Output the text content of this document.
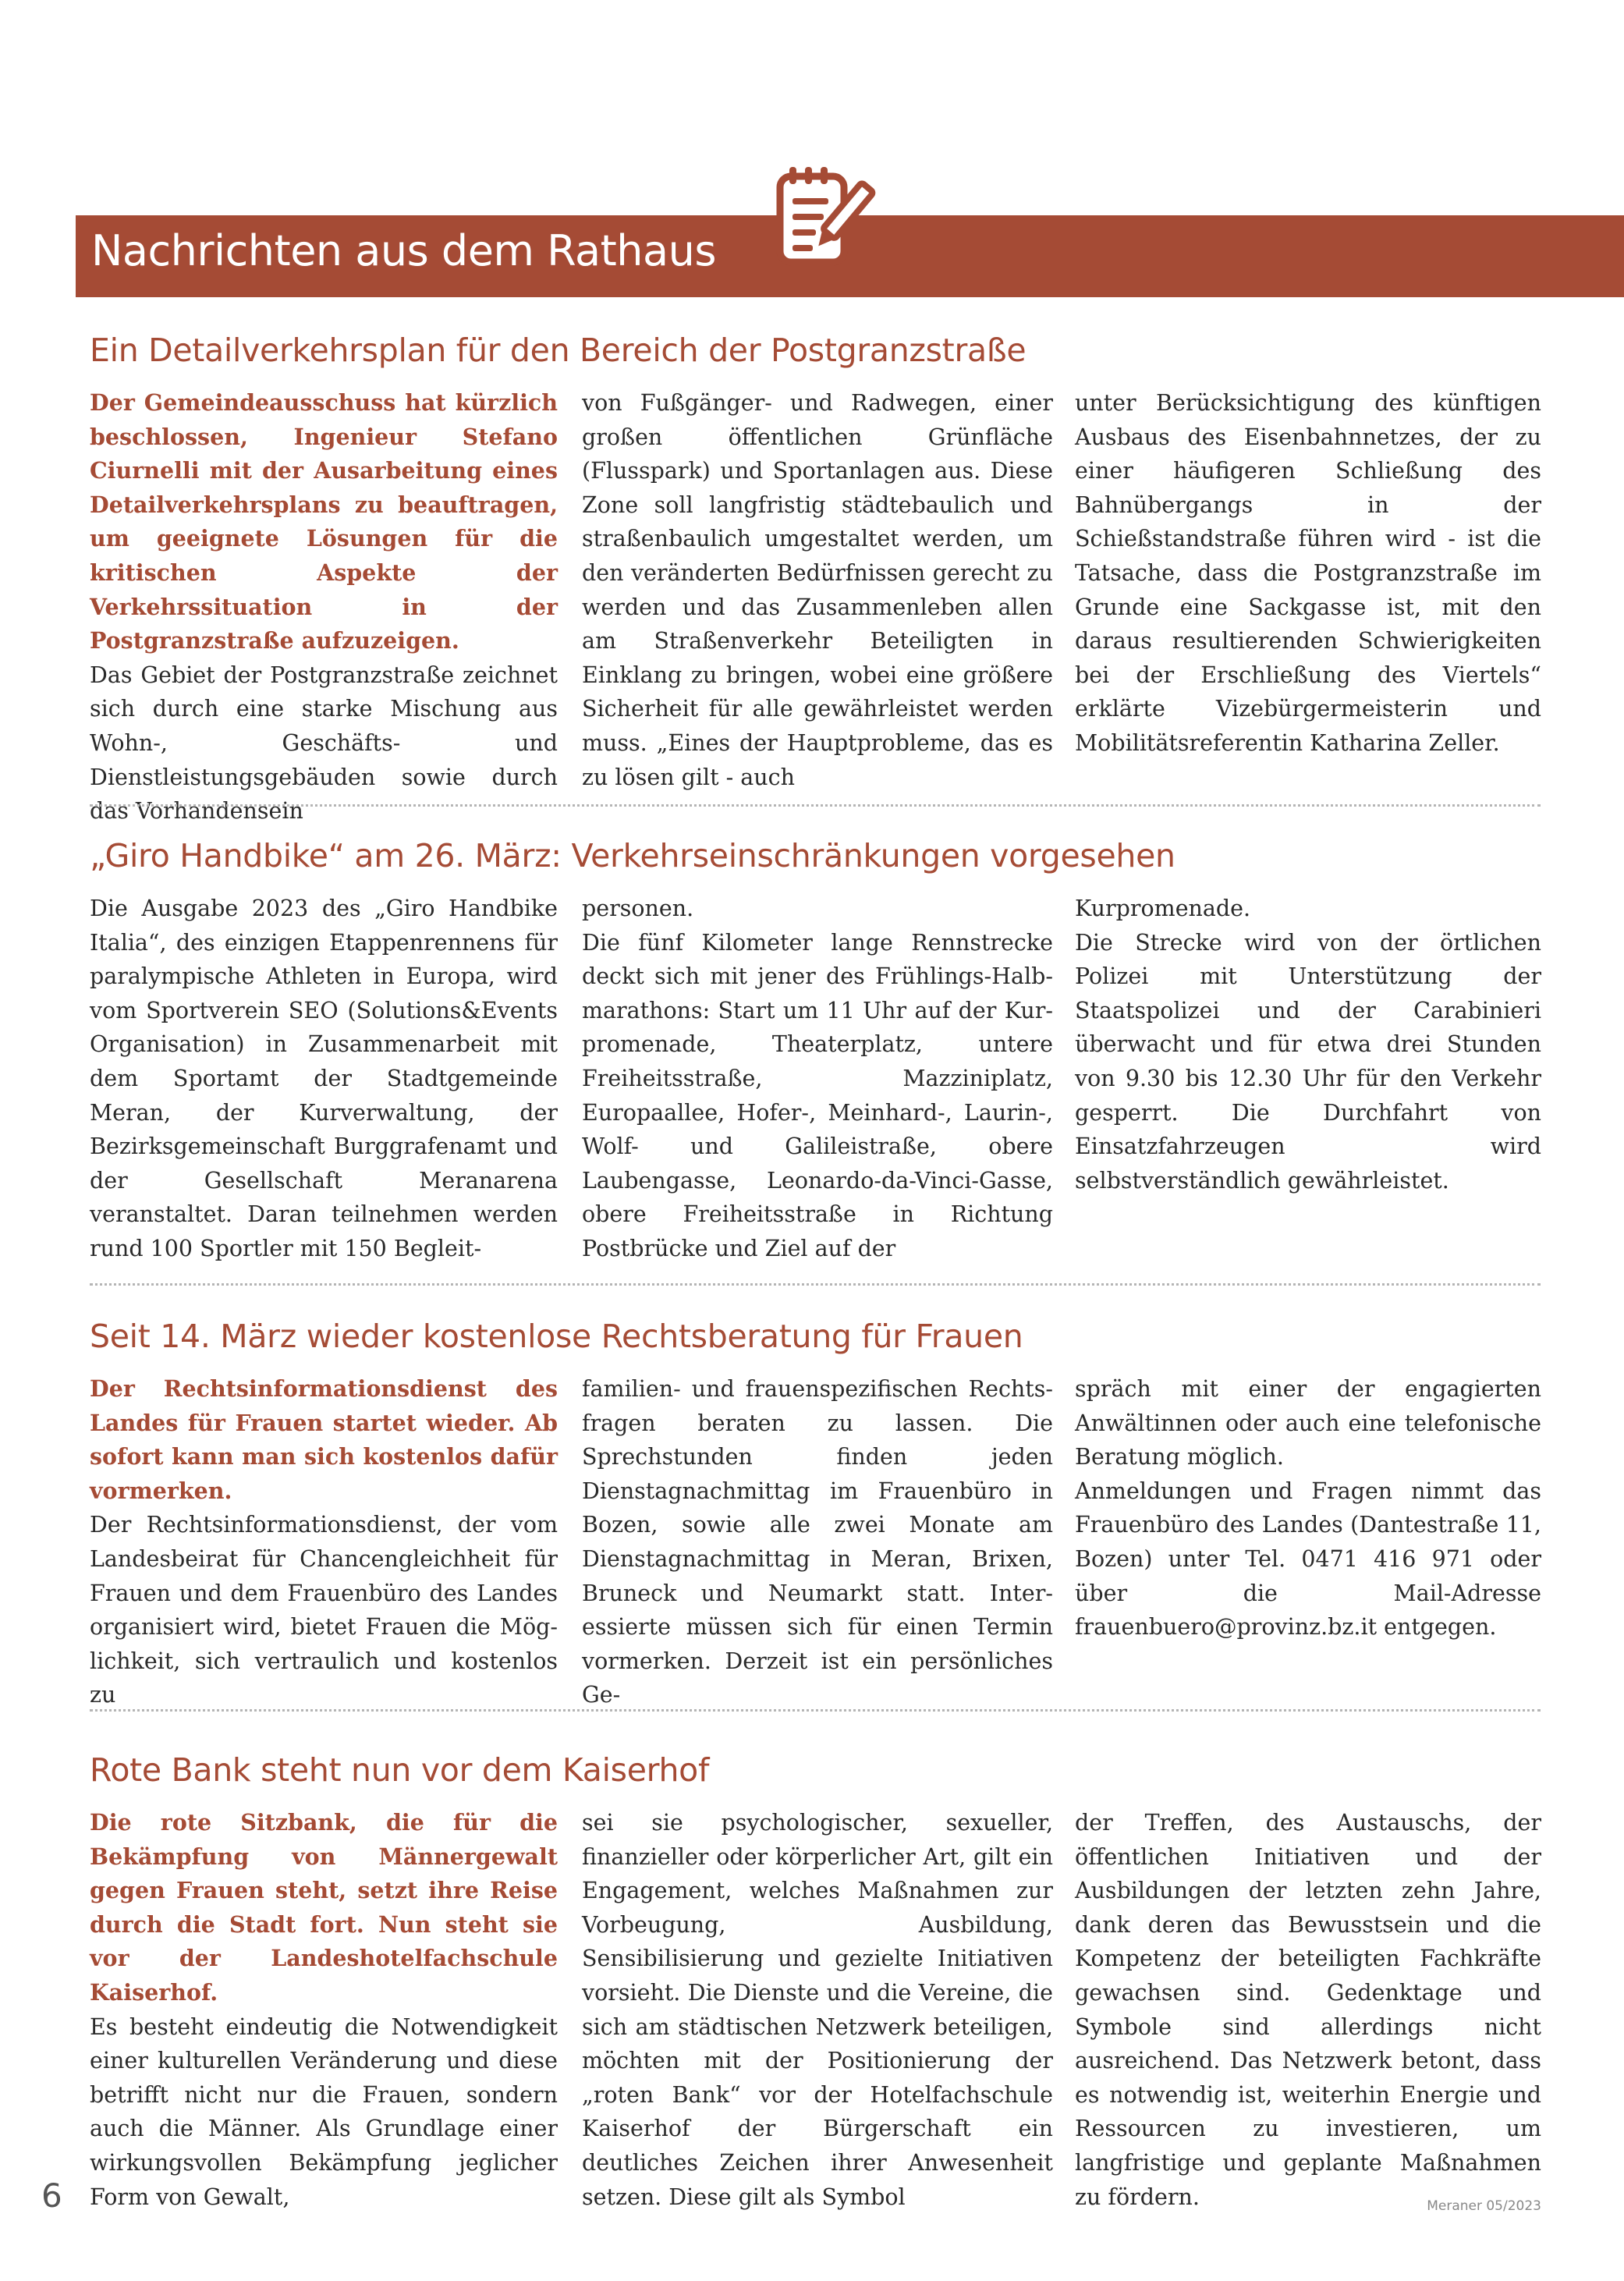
Nachrichten aus dem Rathaus
Ein Detailverkehrsplan für den Bereich der Postgranzstraße

Der Gemeindeausschuss hat kürzlich beschlossen, Ingenieur Stefano Ciurnelli mit der Ausarbeitung eines Detailverkehrsplans zu beauftragen, um geeignete Lösungen für die kritischen Aspekte der Verkehrssituation in der Postgranzstraße aufzuzeigen.

Das Gebiet der Postgranzstraße zeichnet sich durch eine starke Mischung aus Wohn-, Geschäfts- und Dienstleistungsgebäuden sowie durch das Vorhandensein

von Fußgänger- und Radwegen, einer großen öffentlichen Grünfläche (Flusspark) und Sportanlagen aus. Diese Zone soll langfristig städtebaulich und straßenbaulich umgestaltet werden, um den veränderten Bedürfnissen gerecht zu werden und das Zusammenleben allen am Straßenverkehr Beteiligten in Einklang zu bringen, wobei eine größere Sicherheit für alle gewährleistet werden muss. „Eines der Hauptprobleme, das es zu lösen gilt - auch

unter Berücksichtigung des künftigen Ausbaus des Eisenbahnnetzes, der zu einer häufigeren Schließung des Bahnübergangs in der Schießstandstraße führen wird - ist die Tatsache, dass die Postgranzstraße im Grunde eine Sackgasse ist, mit den daraus resultierenden Schwierigkeiten bei der Erschließung des Viertels“ erklärte Vizebürgermeisterin und Mobilitätsreferentin Katharina Zeller.

„Giro Handbike“ am 26. März: Verkehrseinschränkungen vorgesehen

Die Ausgabe 2023 des „Giro Handbike Italia“, des einzigen Etappenrennens für paralympische Athleten in Europa, wird vom Sportverein SEO (Solutions&Events Organisation) in Zusammenarbeit mit dem Sportamt der Stadtgemeinde Meran, der Kurverwaltung, der Bezirksgemeinschaft Burggrafenamt und der Gesellschaft Meranarena veranstaltet. Daran teilnehmen werden rund 100 Sportler mit 150 Begleit-

personen.

Die fünf Kilometer lange Rennstrecke deckt sich mit jener des Frühlings-Halbmarathons: Start um 11 Uhr auf der Kurpromenade, Theaterplatz, untere Freiheitsstraße, Mazziniplatz, Europaallee, Hofer-, Meinhard-, Laurin-, Wolf- und Galileistraße, obere Laubengasse, Leonardo-da-Vinci-Gasse, obere Freiheitsstraße in Richtung Postbrücke und Ziel auf der

Kurpromenade.

Die Strecke wird von der örtlichen Polizei mit Unterstützung der Staatspolizei und der Carabinieri überwacht und für etwa drei Stunden von 9.30 bis 12.30 Uhr für den Verkehr gesperrt. Die Durchfahrt von Einsatzfahrzeugen wird selbstverständlich gewährleistet.

Seit 14. März wieder kostenlose Rechtsberatung für Frauen

Der Rechtsinformationsdienst des Landes für Frauen startet wieder. Ab sofort kann man sich kostenlos dafür vormerken.

Der Rechtsinformationsdienst, der vom Landesbeirat für Chancengleichheit für Frauen und dem Frauenbüro des Landes organisiert wird, bietet Frauen die Möglichkeit, sich vertraulich und kostenlos zu

familien- und frauenspezifischen Rechtsfragen beraten zu lassen. Die Sprechstunden finden jeden Dienstagnachmittag im Frauenbüro in Bozen, sowie alle zwei Monate am Dienstagnachmittag in Meran, Brixen, Bruneck und Neumarkt statt. Interessierte müssen sich für einen Termin vormerken. Derzeit ist ein persönliches Ge-

spräch mit einer der engagierten Anwältinnen oder auch eine telefonische Beratung möglich.

Anmeldungen und Fragen nimmt das Frauenbüro des Landes (Dantestraße 11, Bozen) unter Tel. 0471 416 971 oder über die Mail-Adresse frauenbuero@provinz.bz.it entgegen.

Rote Bank steht nun vor dem Kaiserhof

Die rote Sitzbank, die für die Bekämpfung von Männergewalt gegen Frauen steht, setzt ihre Reise durch die Stadt fort. Nun steht sie vor der Landeshotelfachschule Kaiserhof.

Es besteht eindeutig die Notwendigkeit einer kulturellen Veränderung und diese betrifft nicht nur die Frauen, sondern auch die Männer. Als Grundlage einer wirkungsvollen Bekämpfung jeglicher Form von Gewalt,

sei sie psychologischer, sexueller, finanzieller oder körperlicher Art, gilt ein Engagement, welches Maßnahmen zur Vorbeugung, Ausbildung, Sensibilisierung und gezielte Initiativen vorsieht. Die Dienste und die Vereine, die sich am städtischen Netzwerk beteiligen, möchten mit der Positionierung der „roten Bank“ vor der Hotelfachschule Kaiserhof der Bürgerschaft ein deutliches Zeichen ihrer Anwesenheit setzen. Diese gilt als Symbol

der Treffen, des Austauschs, der öffentlichen Initiativen und der Ausbildungen der letzten zehn Jahre, dank deren das Bewusstsein und die Kompetenz der beteiligten Fachkräfte gewachsen sind. Gedenktage und Symbole sind allerdings nicht ausreichend. Das Netzwerk betont, dass es notwendig ist, weiterhin Energie und Ressourcen zu investieren, um langfristige und geplante Maßnahmen zu fördern.

6	Meraner 05/2023
